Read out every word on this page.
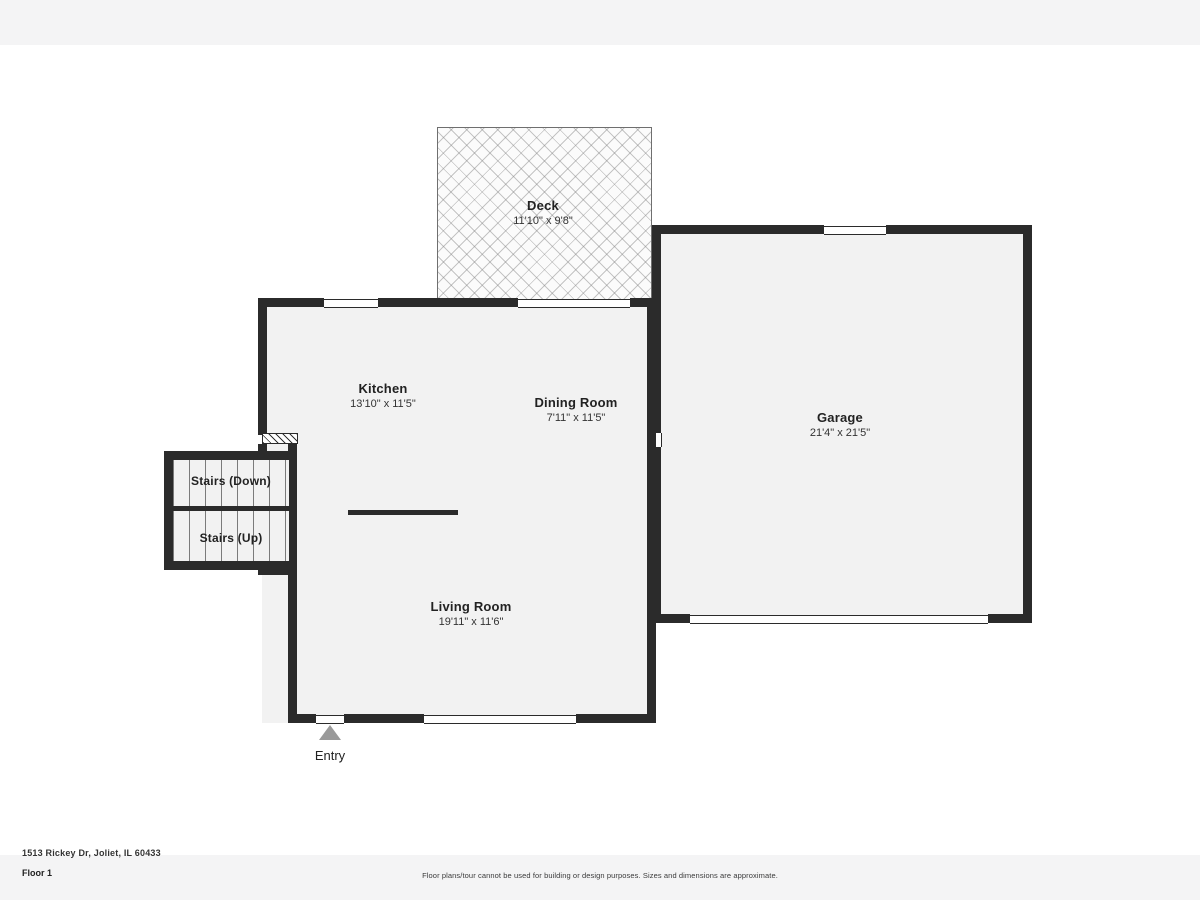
Deck
11'10" x 9'8"
Garage
21'4" x 21'5"
Stairs (Down)
Stairs (Up)
Kitchen
13'10" x 11'5"	Dining Room
7'11" x 11'5"
Living Room
19'11" x 11'6"
Entry
1513 Rickey Dr, Joliet, IL 60433
Floor 1	Floor plans/tour cannot be used for building or design purposes. Sizes and dimensions are approximate.
